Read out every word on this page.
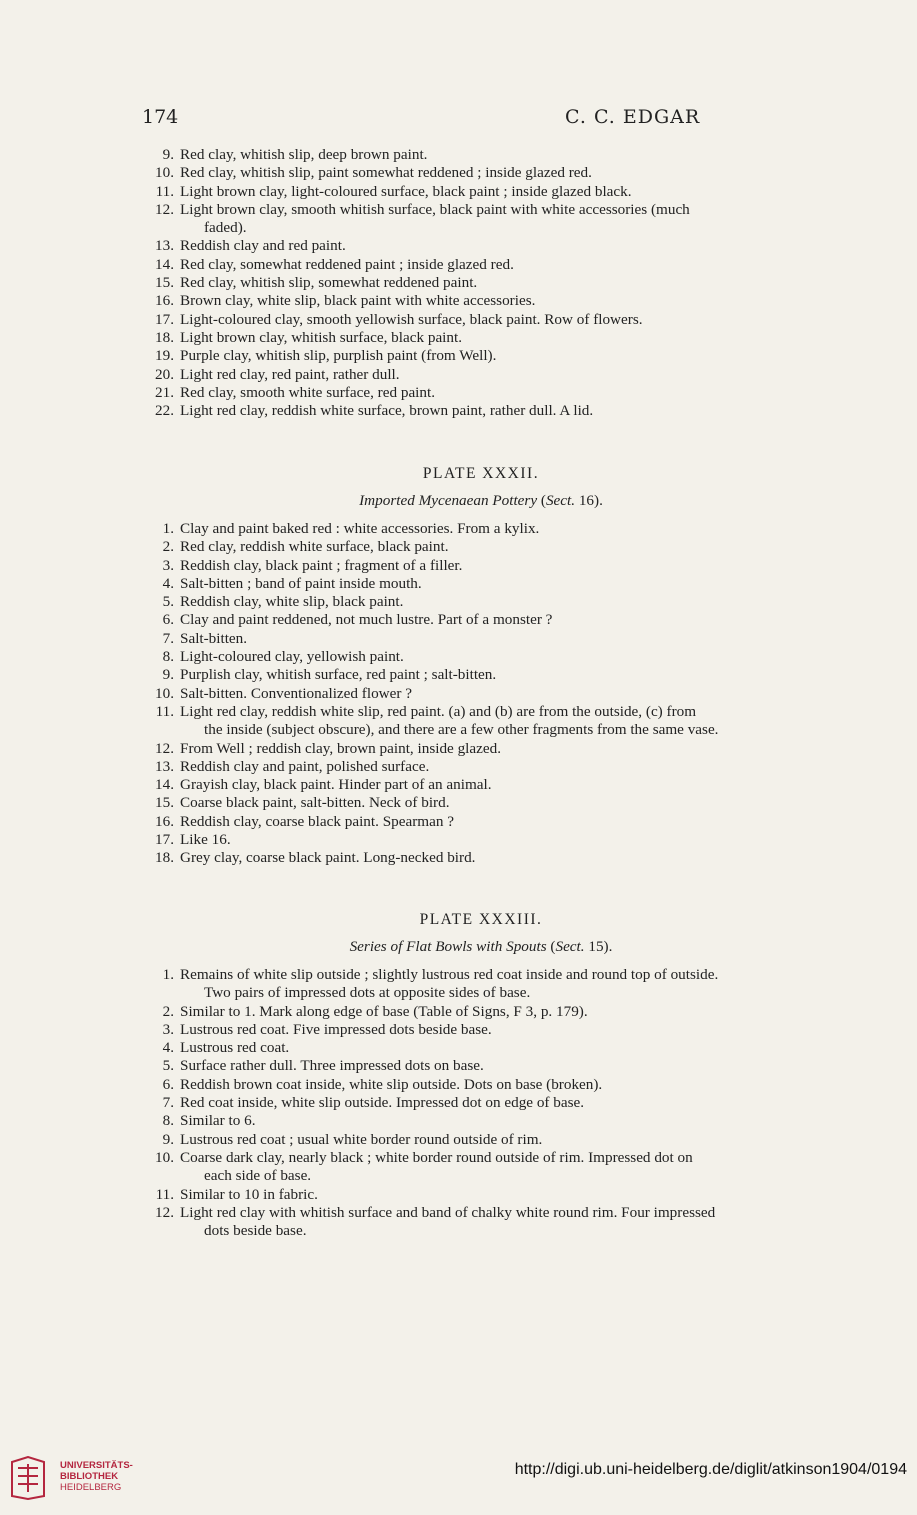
174	C. C. EDGAR
9. Red clay, whitish slip, deep brown paint.
10. Red clay, whitish slip, paint somewhat reddened ; inside glazed red.
11. Light brown clay, light-coloured surface, black paint ; inside glazed black.
12. Light brown clay, smooth whitish surface, black paint with white accessories (much
faded).
13. Reddish clay and red paint.
14. Red clay, somewhat reddened paint ; inside glazed red.
15. Red clay, whitish slip, somewhat reddened paint.
16. Brown clay, white slip, black paint with white accessories.
17. Light-coloured clay, smooth yellowish surface, black paint. Row of flowers.
18. Light brown clay, whitish surface, black paint.
19. Purple clay, whitish slip, purplish paint (from Well).
20. Light red clay, red paint, rather dull.
21. Red clay, smooth white surface, red paint.
22. Light red clay, reddish white surface, brown paint, rather dull. A lid.
PLATE XXXII.
Imported Mycenaean Pottery (Sect. 16).
1. Clay and paint baked red : white accessories. From a kylix.
2. Red clay, reddish white surface, black paint.
3. Reddish clay, black paint ; fragment of a filler.
4. Salt-bitten ; band of paint inside mouth.
5. Reddish clay, white slip, black paint.
6. Clay and paint reddened, not much lustre. Part of a monster ?
7. Salt-bitten.
8. Light-coloured clay, yellowish paint.
9. Purplish clay, whitish surface, red paint ; salt-bitten.
10. Salt-bitten. Conventionalized flower ?
11. Light red clay, reddish white slip, red paint. (a) and (b) are from the outside, (c) from
the inside (subject obscure), and there are a few other fragments from the same vase.
12. From Well ; reddish clay, brown paint, inside glazed.
13. Reddish clay and paint, polished surface.
14. Grayish clay, black paint. Hinder part of an animal.
15. Coarse black paint, salt-bitten. Neck of bird.
16. Reddish clay, coarse black paint. Spearman ?
17. Like 16.
18. Grey clay, coarse black paint. Long-necked bird.
PLATE XXXIII.
Series of Flat Bowls with Spouts (Sect. 15).
1. Remains of white slip outside ; slightly lustrous red coat inside and round top of outside.
Two pairs of impressed dots at opposite sides of base.
2. Similar to 1. Mark along edge of base (Table of Signs, F 3, p. 179).
3. Lustrous red coat. Five impressed dots beside base.
4. Lustrous red coat.
5. Surface rather dull. Three impressed dots on base.
6. Reddish brown coat inside, white slip outside. Dots on base (broken).
7. Red coat inside, white slip outside. Impressed dot on edge of base.
8. Similar to 6.
9. Lustrous red coat ; usual white border round outside of rim.
10. Coarse dark clay, nearly black ; white border round outside of rim. Impressed dot on
each side of base.
11. Similar to 10 in fabric.
12. Light red clay with whitish surface and band of chalky white round rim. Four impressed
dots beside base.
UNIVERSITÄTS-
BIBLIOTHEK
HEIDELBERG
http://digi.ub.uni-heidelberg.de/diglit/atkinson1904/0194
